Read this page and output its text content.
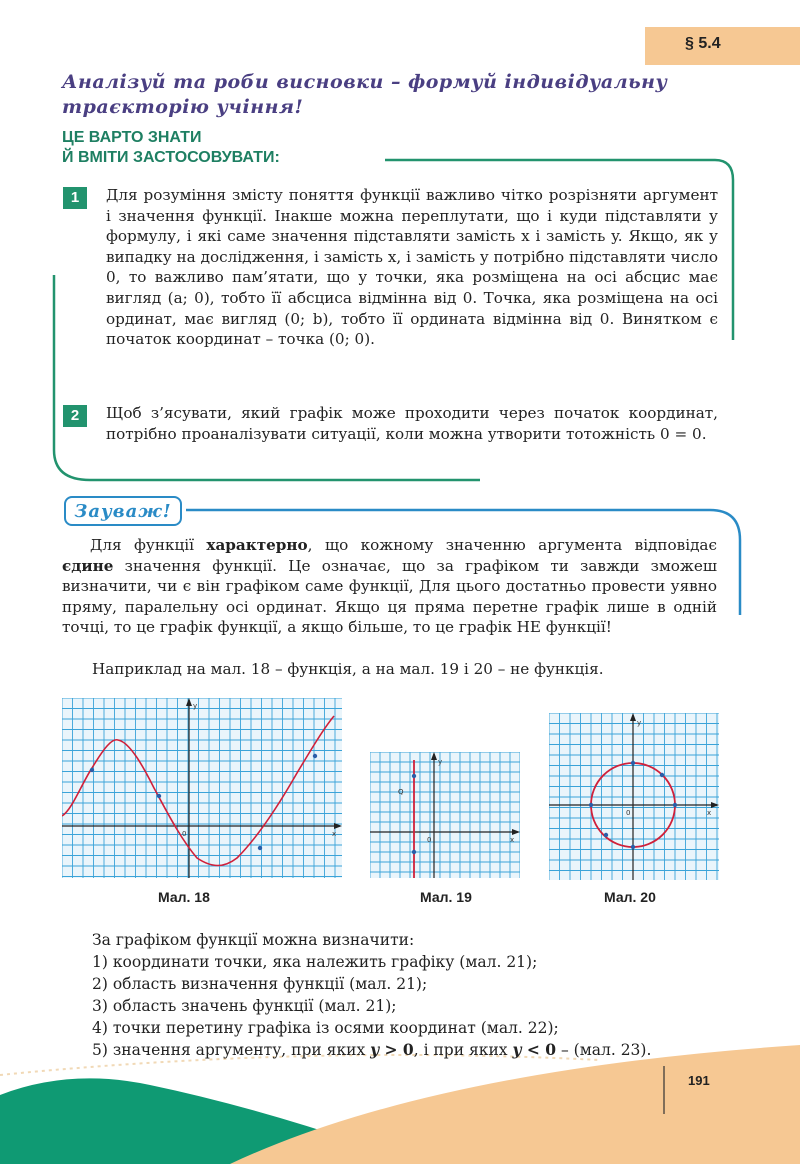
§ 5.4
Аналізуй та роби висновки – формуй індивідуальну траєкторію учіння!
ЦЕ ВАРТО ЗНАТИ
Й ВМІТИ ЗАСТОСОВУВАТИ:
1	Для розуміння змісту поняття функції важливо чітко розрізняти аргумент і значення функції. Інакше можна переплутати, що і куди підставляти у формулу, і які саме значення підставляти замість x і замість y. Якщо, як у випадку на дослідження, і замість x, і замість y потрібно підставляти число 0, то важливо пам’ятати, що у точки, яка розміщена на осі абсцис має вигляд (a; 0), тобто її абсциса відмінна від 0. Точка, яка розміщена на осі ординат, має вигляд (0; b), тобто її ордината відмінна від 0. Винятком є початок координат – точка (0; 0).
2	Щоб з’ясувати, який графік може проходити через початок координат, потрібно проаналізувати ситуації, коли можна утворити тотожність 0 = 0.
Зауваж!
Для функції характерно, що кожному значенню аргумента відповідає єдине значення функції. Це означає, що за графіком ти завжди зможеш визначити, чи є він графіком саме функції, Для цього достатньо провести уявно пряму, паралельну осі ординат. Якщо ця пряма перетне графік лише в одній точці, то це графік функції, а якщо більше, то це графік НЕ функції!
Наприклад на мал. 18 – функція, а на мал. 19 і 20 – не функція.
0	x
y
Мал. 18
Q
0	x
y
Мал. 19
0	x
y
Мал. 20
За графіком функції можна визначити:
1) координати точки, яка належить графіку (мал. 21);
2) область визначення функції (мал. 21);
3) область значень функції (мал. 21);
4) точки перетину графіка із осями координат (мал. 22);
5) значення аргументу, при яких y > 0, і при яких y < 0 – (мал. 23).
191
